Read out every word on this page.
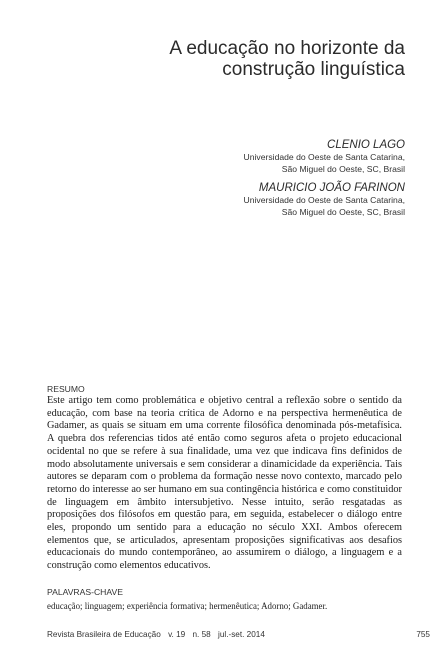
A educação no horizonte da
construção linguística
CLENIO LAGO
Universidade do Oeste de Santa Catarina,
São Miguel do Oeste, SC, Brasil
MAURICIO JOÃO FARINON
Universidade do Oeste de Santa Catarina,
São Miguel do Oeste, SC, Brasil
RESUMO

Este artigo tem como problemática e objetivo central a reflexão sobre o sentido da educação, com base na teoria crítica de Adorno e na perspectiva hermenêutica de Gadamer, as quais se situam em uma corrente filosófica denominada pós-metafísica. A quebra dos referencias tidos até então como seguros afeta o projeto educacional ocidental no que se refere à sua finalidade, uma vez que indicava fins definidos de modo absolutamente universais e sem considerar a dinamicidade da experiência. Tais autores se deparam com o problema da formação nesse novo contexto, marcado pelo retorno do interesse ao ser humano em sua contingência histórica e como constituidor de linguagem em âmbito intersubjetivo. Nesse intuito, serão resgatadas as proposições dos filósofos em questão para, em seguida, estabelecer o diálogo entre eles, propondo um sentido para a educação no século XXI. Ambos oferecem elementos que, se articulados, apresentam proposições significativas aos desafios educacionais do mundo contemporâneo, ao assumirem o diálogo, a linguagem e a construção como elementos educativos.

PALAVRAS-CHAVE
educação; linguagem; experiência formativa; hermenêutica; Adorno; Gadamer.
Revista Brasileira de Educação v. 19 n. 58 jul.-set. 2014	755
